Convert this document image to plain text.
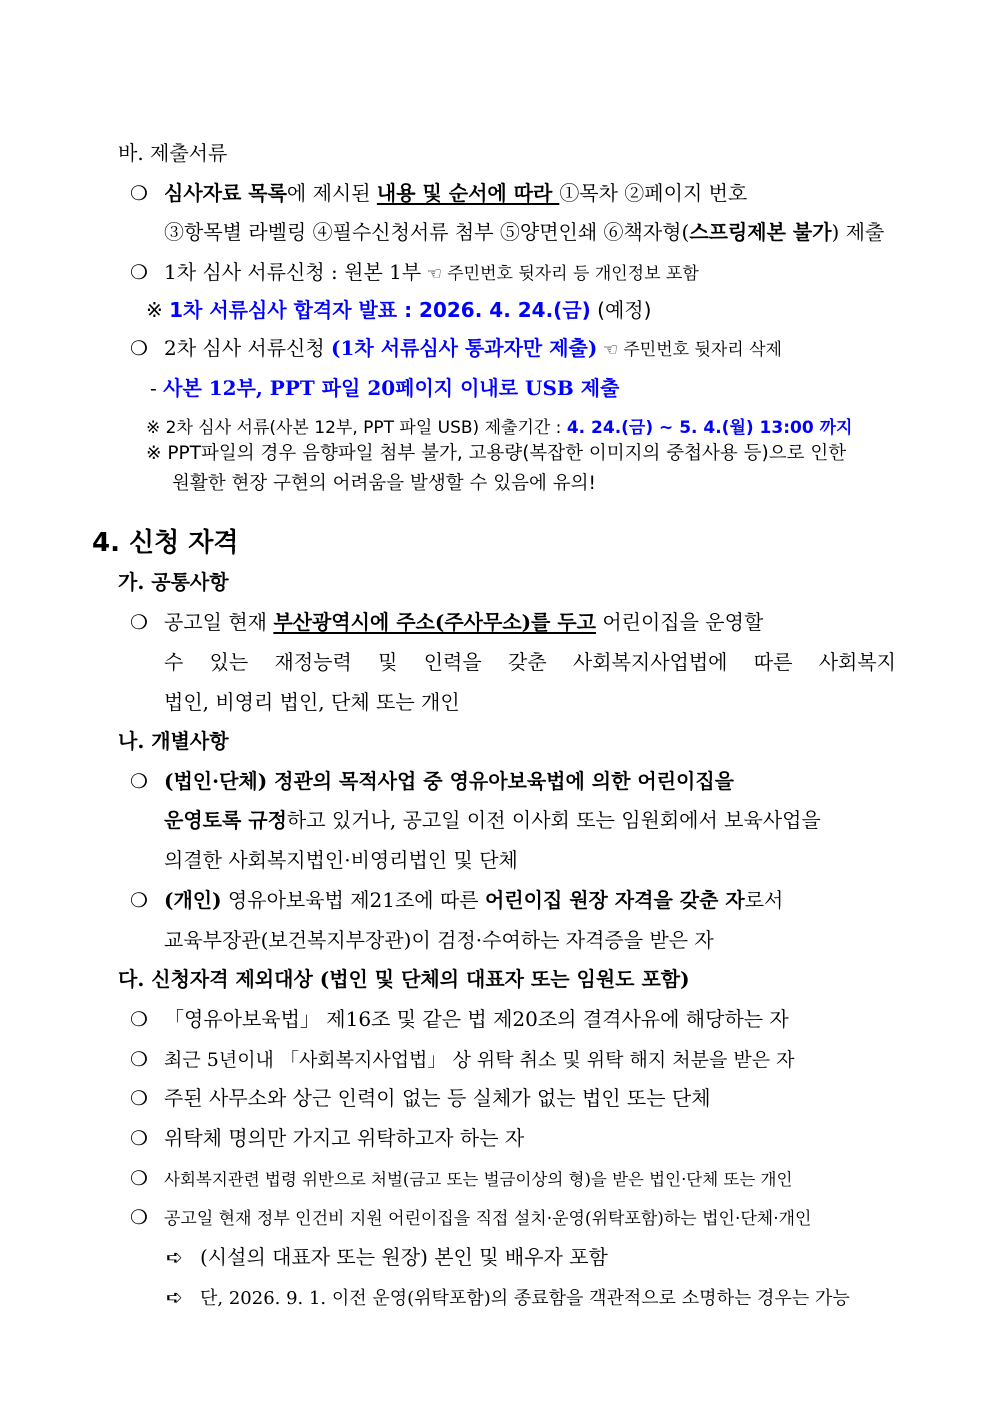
바. 제출서류
❍ 심사자료 목록에 제시된 내용 및 순서에 따라 ①목차 ②페이지 번호
③항목별 라벨링 ④필수신청서류 첨부 ⑤양면인쇄 ⑥책자형(스프링제본 불가) 제출
❍ 1차 심사 서류신청 : 원본 1부 ☜ 주민번호 뒷자리 등 개인정보 포함
※ 1차 서류심사 합격자 발표 : 2026. 4. 24.(금) (예정)
❍ 2차 심사 서류신청 (1차 서류심사 통과자만 제출) ☜ 주민번호 뒷자리 삭제
- 사본 12부, PPT 파일 20페이지 이내로 USB 제출
※ 2차 심사 서류(사본 12부, PPT 파일 USB) 제출기간 : 4. 24.(금) ~ 5. 4.(월) 13:00 까지
※ PPT파일의 경우 음향파일 첨부 불가, 고용량(복잡한 이미지의 중첩사용 등)으로 인한
원활한 현장 구현의 어려움을 발생할 수 있음에 유의!
4. 신청 자격
가. 공통사항
❍ 공고일 현재 부산광역시에 주소(주사무소)를 두고 어린이집을 운영할
수 있는 재정능력 및 인력을 갖춘 사회복지사업법에 따른 사회복지
법인, 비영리 법인, 단체 또는 개인
나. 개별사항
❍ (법인·단체) 정관의 목적사업 중 영유아보육법에 의한 어린이집을
운영토록 규정하고 있거나, 공고일 이전 이사회 또는 임원회에서 보육사업을
의결한 사회복지법인·비영리법인 및 단체
❍ (개인) 영유아보육법 제21조에 따른 어린이집 원장 자격을 갖춘 자로서
교육부장관(보건복지부장관)이 검정·수여하는 자격증을 받은 자
다. 신청자격 제외대상 (법인 및 단체의 대표자 또는 임원도 포함)
❍ 「영유아보육법」 제16조 및 같은 법 제20조의 결격사유에 해당하는 자
❍ 최근 5년이내 「사회복지사업법」 상 위탁 취소 및 위탁 해지 처분을 받은 자
❍ 주된 사무소와 상근 인력이 없는 등 실체가 없는 법인 또는 단체
❍ 위탁체 명의만 가지고 위탁하고자 하는 자
❍ 사회복지관련 법령 위반으로 처벌(금고 또는 벌금이상의 형)을 받은 법인·단체 또는 개인
❍ 공고일 현재 정부 인건비 지원 어린이집을 직접 설치·운영(위탁포함)하는 법인·단체·개인
➪ (시설의 대표자 또는 원장) 본인 및 배우자 포함
➪ 단, 2026. 9. 1. 이전 운영(위탁포함)의 종료함을 객관적으로 소명하는 경우는 가능
